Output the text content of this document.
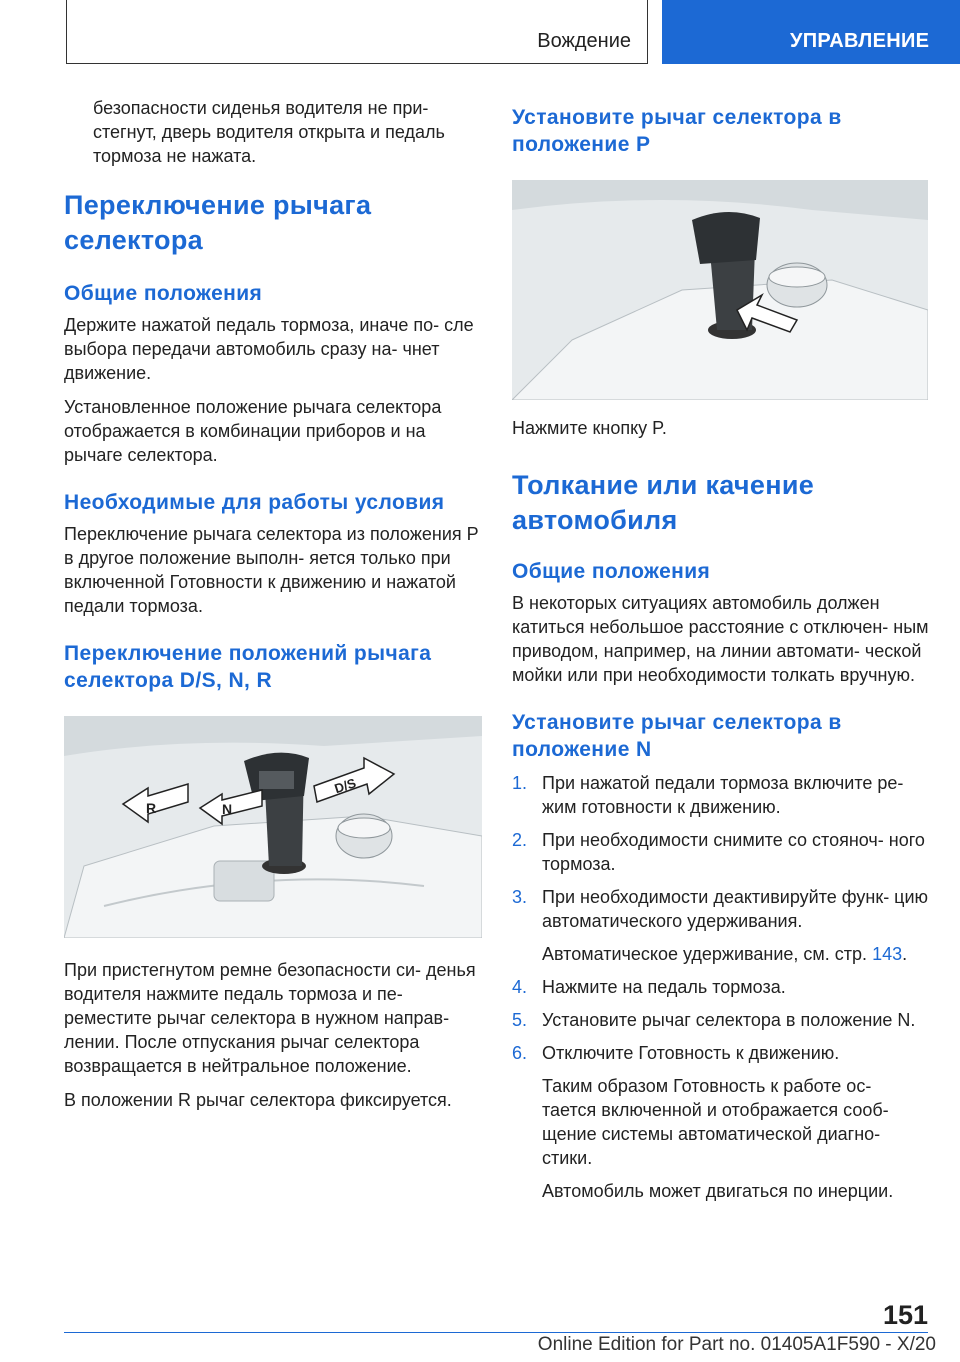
Вождение	УПРАВЛЕНИЕ

безопасности сиденья водителя не при- стегнут, дверь водителя открыта и педаль тормоза не нажата.

Переключение рычага селектора
Общие положения

Держите нажатой педаль тормоза, иначе по- сле выбора передачи автомобиль сразу на- чнет движение.

Установленное положение рычага селектора отображается в комбинации приборов и на рычаге селектора.

Необходимые для работы условия

Переключение рычага селектора из положения P в другое положение выполн- яется только при включенной Готовности к движению и нажатой педали тормоза.

Переключение положений рычага селектора D/S, N, R
R	N
D/S

При пристегнутом ремне безопасности си- денья водителя нажмите педаль тормоза и пе- реместите рычаг селектора в нужном направ- лении. После отпускания рычаг селектора возвращается в нейтральное положение.

В положении R рычаг селектора фиксируется.

Установите рычаг селектора в положение P

Нажмите кнопку P.

Толкание или качение автомобиля
Общие положения

В некоторых ситуациях автомобиль должен катиться небольшое расстояние с отключен- ным приводом, например, на линии автомати- ческой мойки или при необходимости толкать вручную.

Установите рычаг селектора в положение N
1. При нажатой педали тормоза включите ре- жим готовности к движению.
2. При необходимости снимите со стояноч- ного тормоза.
3. При необходимости деактивируйте функ- цию автоматического удерживания.
Автоматическое удерживание, см. стр. 143.
4. Нажмите на педаль тормоза.
5. Установите рычаг селектора в положение N.
6. Отключите Готовность к движению.
Таким образом Готовность к работе ос- тается включенной и отображается сооб- щение системы автоматической диагно- стики.
Автомобиль может двигаться по инерции.
151
Online Edition for Part no. 01405A1F590 - X/20
